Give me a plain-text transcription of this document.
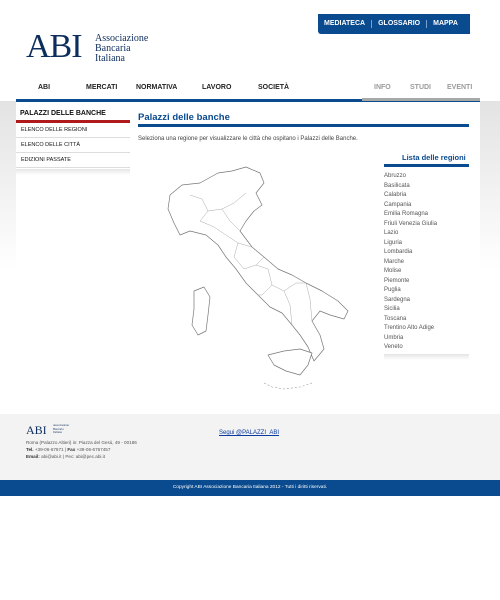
MEDIATECA	GLOSSARIO	MAPPA
ABI Associazione
Bancaria
Italiana
ABI	MERCATI	NORMATIVA	LAVORO	SOCIETÀ	INFO	STUDI EVENTI
PALAZZI DELLE BANCHE
ELENCO DELLE REGIONI
ELENCO DELLE CITTÀ
EDIZIONI PASSATE
Palazzi delle banche
Seleziona una regione per visualizzare le città che ospitano i Palazzi delle Banche.
Lista delle regioni
Abruzzo
Basilicata
Calabria
Campania
Emilia Romagna
Friuli Venezia Giulia
Lazio
Liguria
Lombardia
Marche
Molise
Piemonte
Puglia
Sardegna
Sicilia
Toscana
Trentino Alto Adige
Umbria
Veneto
ABI Associazione
Bancaria
Italiana
Roma (Palazzo Altieri) in: Piazza del Gesù, 49 - 00186
Tel. +39-06-67671 | Fax +39-06-6767457
Email: abi@abi.it | Pec: abi@pec.abi.it
Segui @PALAZZI_ABI
Copyright ABI Associazione Bancaria Italiana 2012 - Tutti i diritti riservati.
